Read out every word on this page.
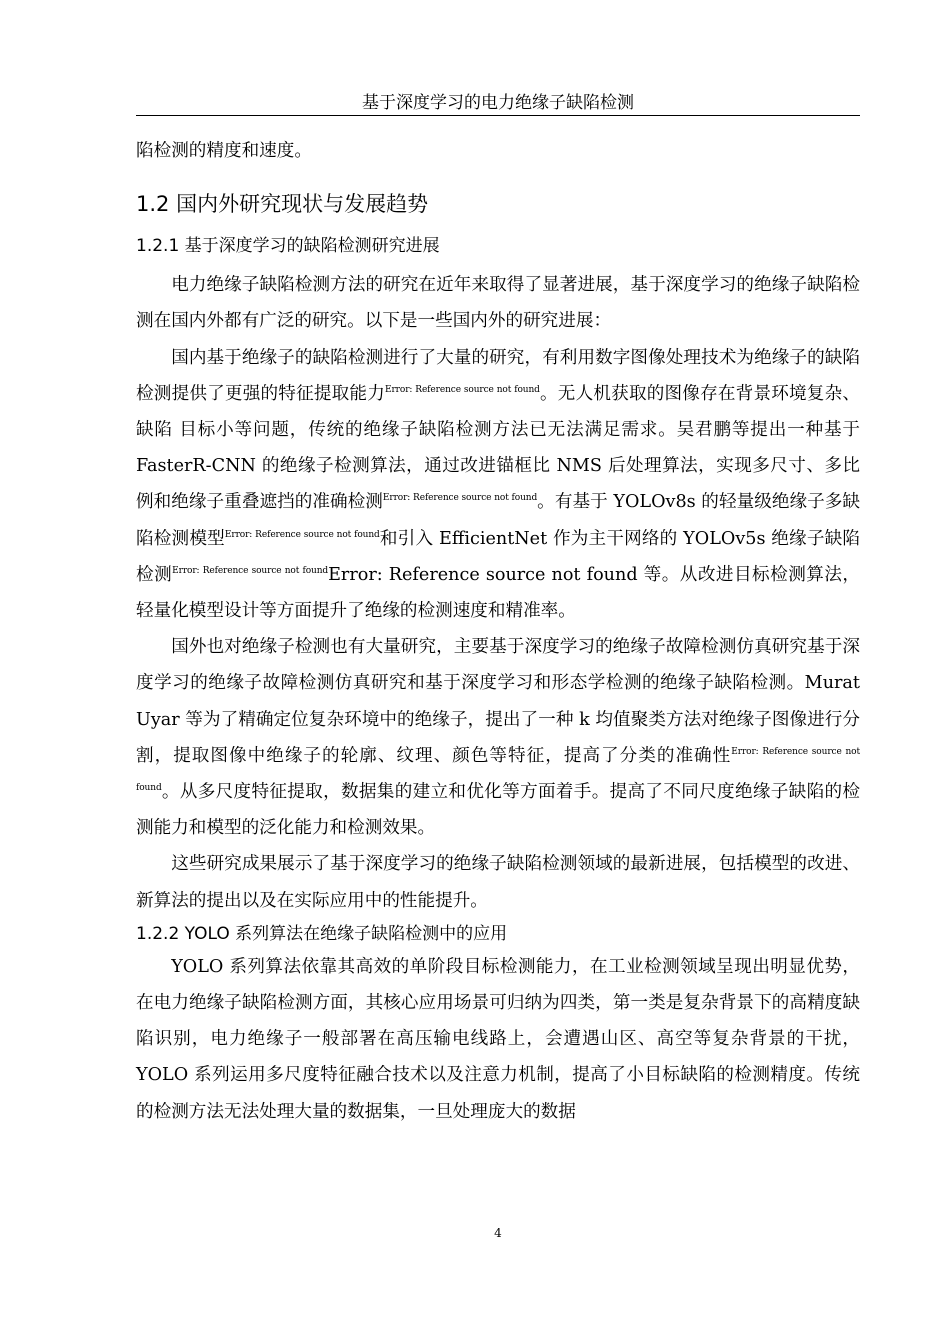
基于深度学习的电力绝缘子缺陷检测

陷检测的精度和速度。

1.2 国内外研究现状与发展趋势
1.2.1 基于深度学习的缺陷检测研究进展

电力绝缘子缺陷检测方法的研究在近年来取得了显著进展，基于深度学习的绝缘子缺陷检测在国内外都有广泛的研究。以下是一些国内外的研究进展：

国内基于绝缘子的缺陷检测进行了大量的研究，有利用数字图像处理技术为绝缘子的缺陷检测提供了更强的特征提取能力$^{Error: Reference source not found}$。无人机获取的图像存在背景环境复杂、缺陷 目标小等问题，传统的绝缘子缺陷检测方法已无法满足需求。吴君鹏等提出一种基于 FasterR-CNN 的绝缘子检测算法，通过改进锚框比 NMS 后处理算法，实现多尺寸、多比例和绝缘子重叠遮挡的准确检测$^{Error: Reference source not found}$。有基于 YOLOv8s 的轻量级绝缘子多缺陷检测模型$^{Error: Reference source not found}$和引入 EfficientNet 作为主干网络的 YOLOv5s 绝缘子缺陷检测$^{Error: Reference source not found}$Error: Reference source not found 等。从改进目标检测算法，轻量化模型设计等方面提升了绝缘的检测速度和精准率。

国外也对绝缘子检测也有大量研究，主要基于深度学习的绝缘子故障检测仿真研究基于深度学习的绝缘子故障检测仿真研究和基于深度学习和形态学检测的绝缘子缺陷检测。Murat Uyar 等为了精确定位复杂环境中的绝缘子，提出了一种 k 均值聚类方法对绝缘子图像进行分割，提取图像中绝缘子的轮廓、纹理、颜色等特征，提高了分类的准确性$^{Error: Reference source not found}$。从多尺度特征提取，数据集的建立和优化等方面着手。提高了不同尺度绝缘子缺陷的检测能力和模型的泛化能力和检测效果。

这些研究成果展示了基于深度学习的绝缘子缺陷检测领域的最新进展，包括模型的改进、新算法的提出以及在实际应用中的性能提升。

1.2.2 YOLO 系列算法在绝缘子缺陷检测中的应用

YOLO 系列算法依靠其高效的单阶段目标检测能力，在工业检测领域呈现出明显优势，在电力绝缘子缺陷检测方面，其核心应用场景可归纳为四类，第一类是复杂背景下的高精度缺陷识别，电力绝缘子一般部署在高压输电线路上，会遭遇山区、高空等复杂背景的干扰，YOLO 系列运用多尺度特征融合技术以及注意力机制，提高了小目标缺陷的检测精度。传统的检测方法无法处理大量的数据集，一旦处理庞大的数据

4
